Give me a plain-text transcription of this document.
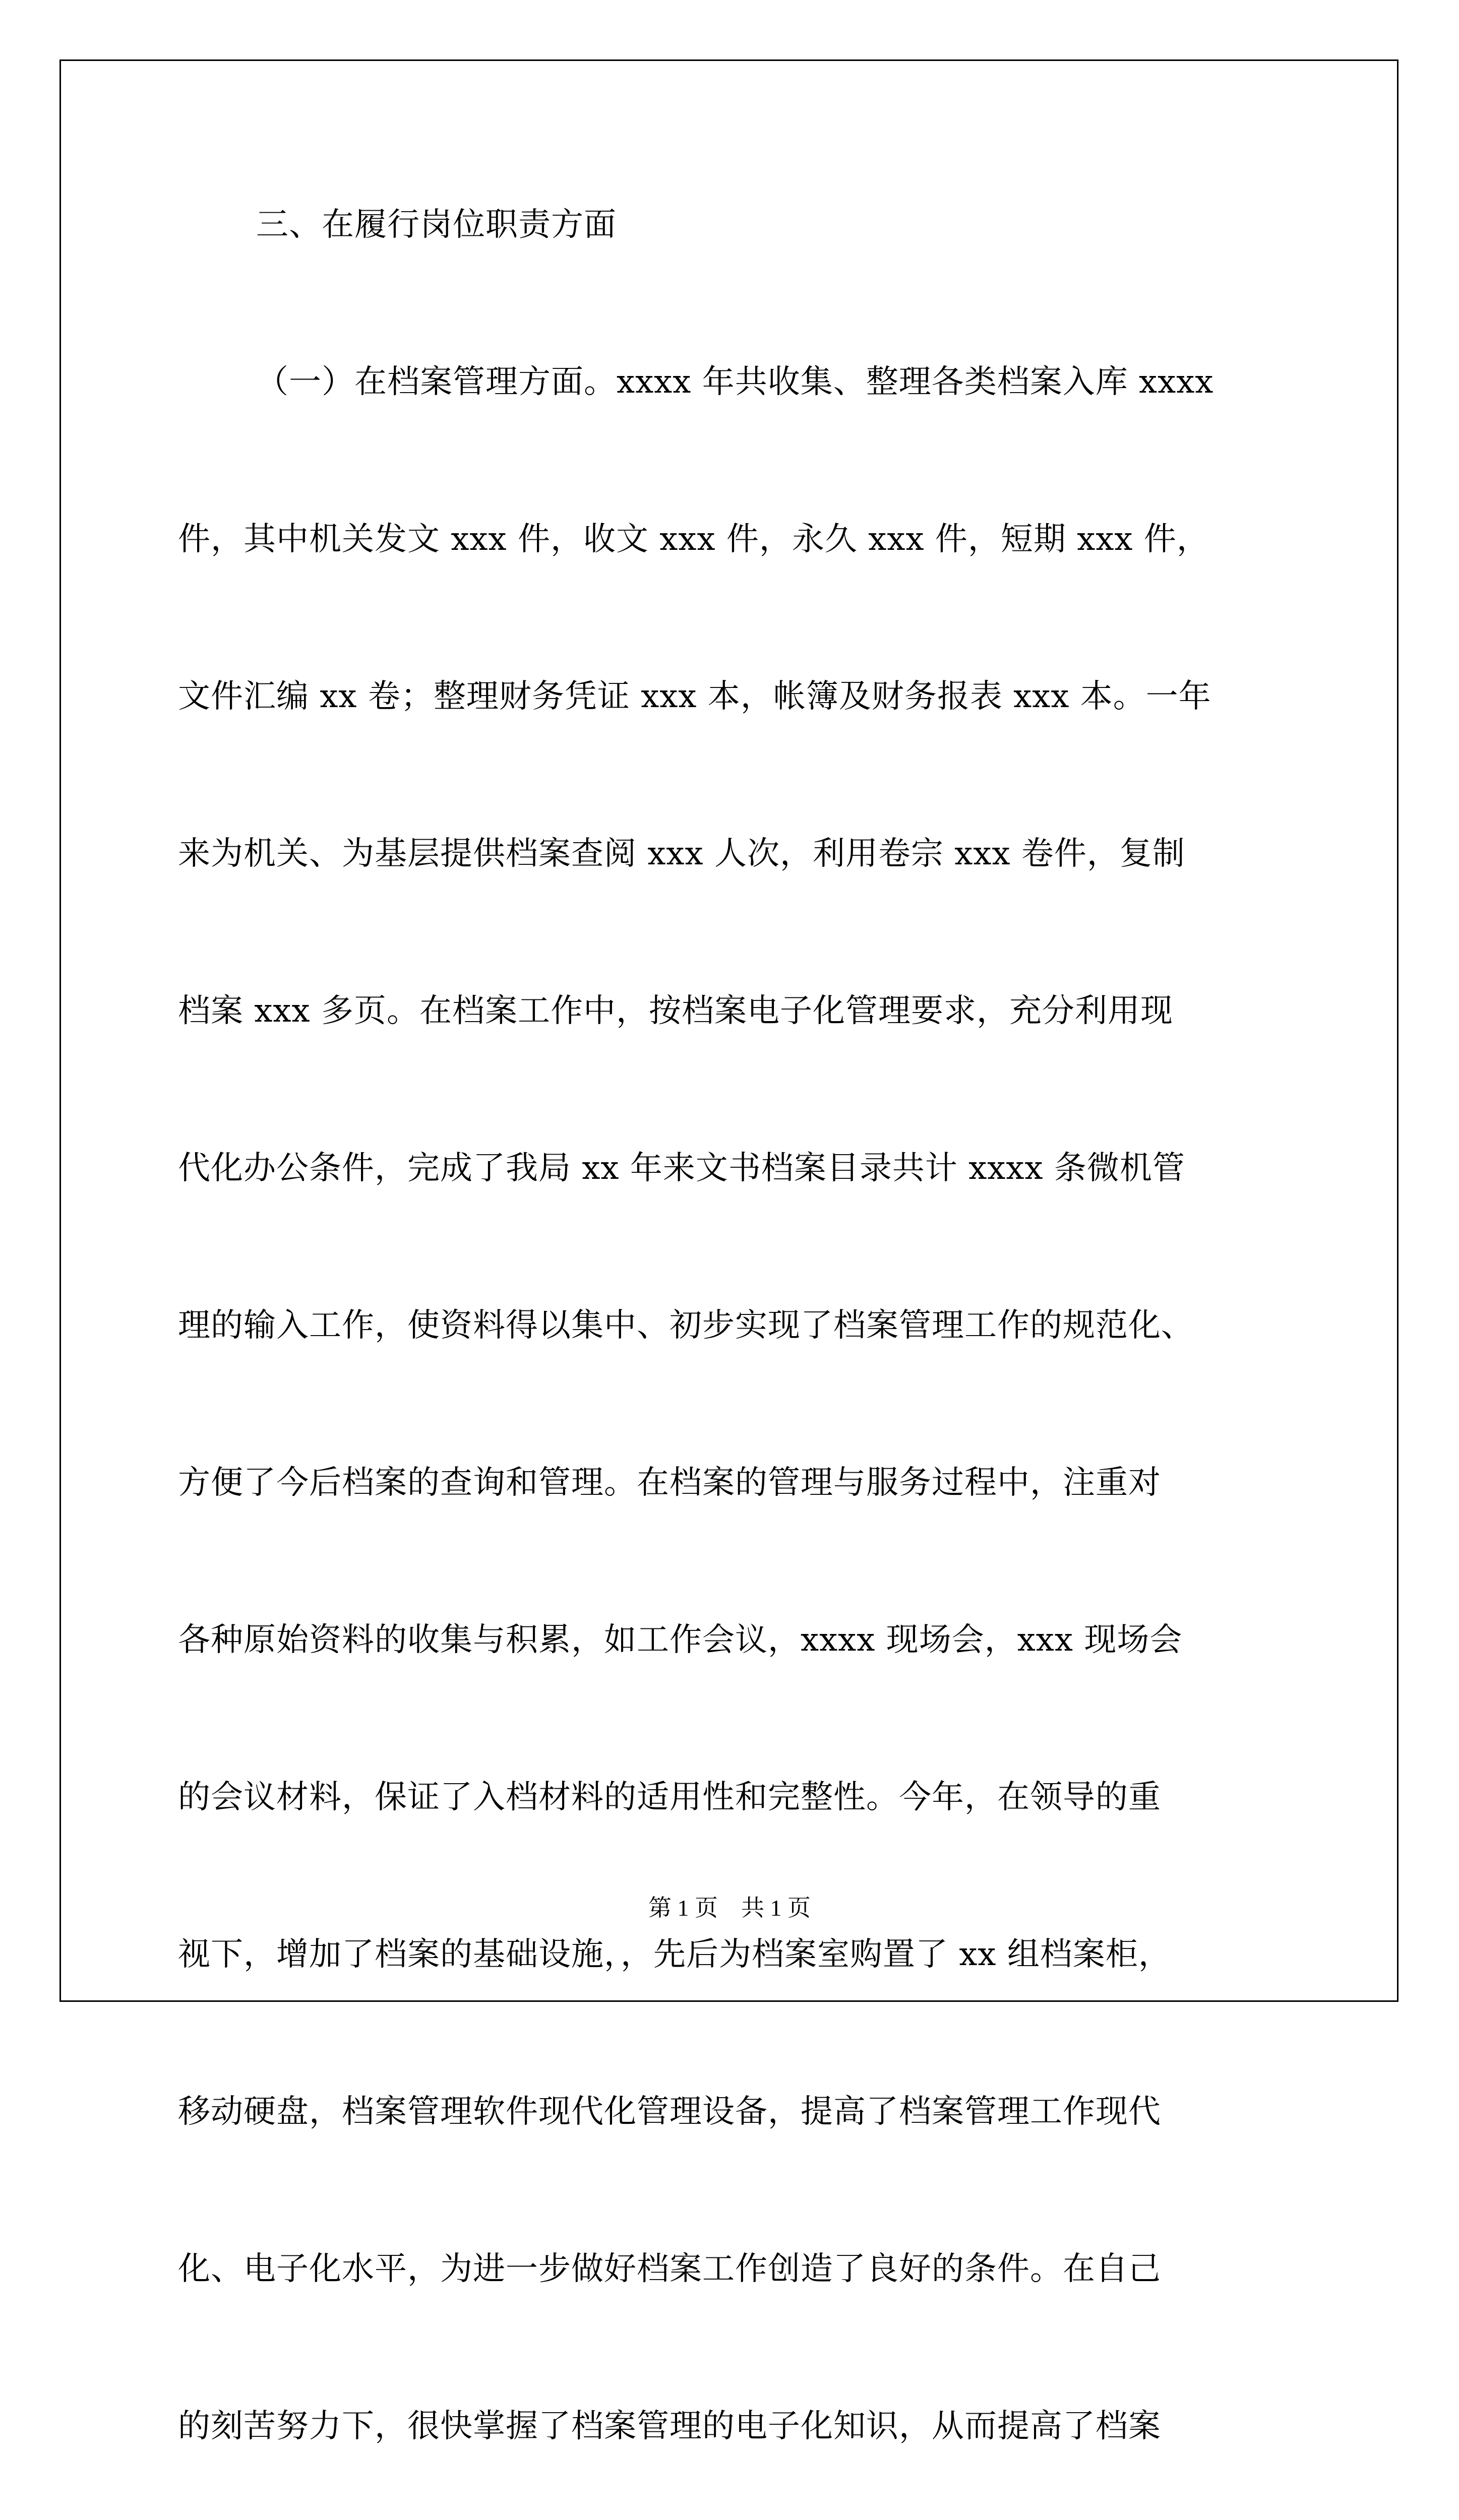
三、在履行岗位职责方面
（一）在档案管理方面。xxxx 年共收集、整理各类档案入库 xxxx
件，其中机关发文 xxx 件，收文 xxx 件，永久 xxx 件，短期 xxx 件，
文件汇编 xx 卷；整理财务凭证 xxx 本，帐簿及财务报表 xxx 本。一年
来为机关、为基层提供档案查阅 xxx 人次，利用卷宗 xxx 卷件，复制
档案 xxx 多页。在档案工作中，按档案电子化管理要求，充分利用现
代化办公条件，完成了我局 xx 年来文书档案目录共计 xxxx 条微机管
理的输入工作，使资料得以集中、初步实现了档案管理工作的规范化、
方便了今后档案的查询和管理。在档案的管理与服务过程中，注重对
各种原始资料的收集与积累，如工作会议，xxxx 现场会，xxx 现场会
的会议材料，保证了入档材料的适用性和完整性。今年，在领导的重
视下，增加了档案的基础设施，，先后为档案室购置了 xx 组档案柜，
移动硬盘，档案管理软件现代化管理设备，提高了档案管理工作现代
化、电子化水平，为进一步做好档案工作创造了良好的条件。在自己
的刻苦努力下，很快掌握了档案管理的电子化知识，从而提高了档案
第 1 页　共 1 页
